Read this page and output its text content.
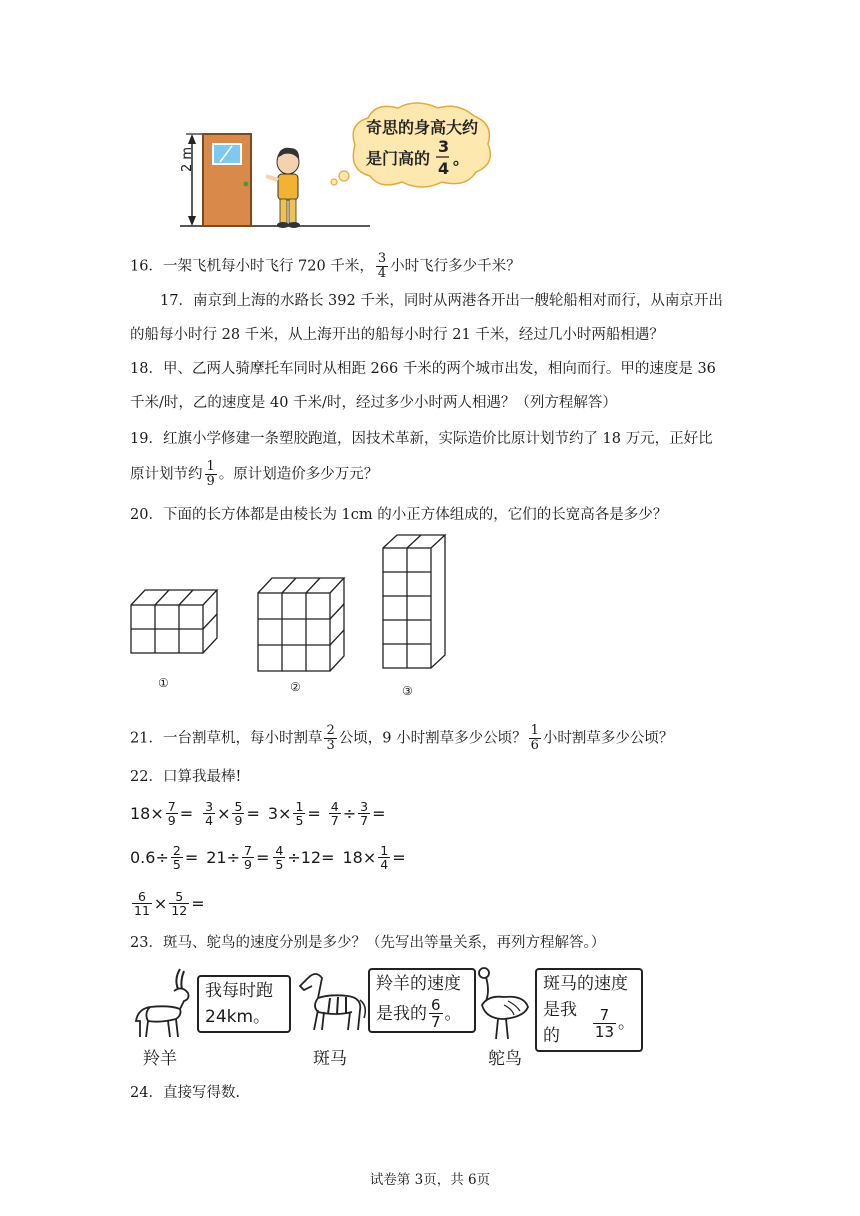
奇思的身高大约
是门高的
3
4
。
2 m
16．一架飞机每小时飞行 720 千米， $\frac{3}{4}$ 小时飞行多少千米？
17．南京到上海的水路长 392 千米，同时从两港各开出一艘轮船相对而行，从南京开出
的船每小时行 28 千米，从上海开出的船每小时行 21 千米，经过几小时两船相遇？
18．甲、乙两人骑摩托车同时从相距 266 千米的两个城市出发，相向而行。甲的速度是 36
千米/时，乙的速度是 40 千米/时，经过多少小时两人相遇？（列方程解答）
19．红旗小学修建一条塑胶跑道，因技术革新，实际造价比原计划节约了 18 万元，正好比
原计划节约 $\frac{1}{9}$ 。原计划造价多少万元？
20．下面的长方体都是由棱长为 1cm 的小正方体组成的，它们的长宽高各是多少？
①	②	③
21．一台割草机，每小时割草 $\frac{2}{3}$ 公顷，9 小时割草多少公顷？ $\frac{1}{6}$ 小时割草多少公顷？
22．口算我最棒!
$18\times \frac{7}{9} = \frac{3}{4} \times \frac{5}{9} = 3\times \frac{1}{5} = \frac{4}{7} \div \frac{3}{7}$ =
$0.6\div \frac{2}{5} = 21\div \frac{7}{9} = \frac{4}{5} \div 12= 18\times \frac{1}{4}$ =
$\frac{6}{11} \times \frac{5}{12}$ =
23．斑马、鸵鸟的速度分别是多少？（先写出等量关系，再列方程解答。）
我每时跑
24km。
羚羊
羚羊的速度
是我的 $\frac{6}{7}$ 。
斑马
斑马的速度
是我的	$\frac{7}{13}$ 。
鸵鸟
24．直接写得数.
试卷第 3页，共 6页
